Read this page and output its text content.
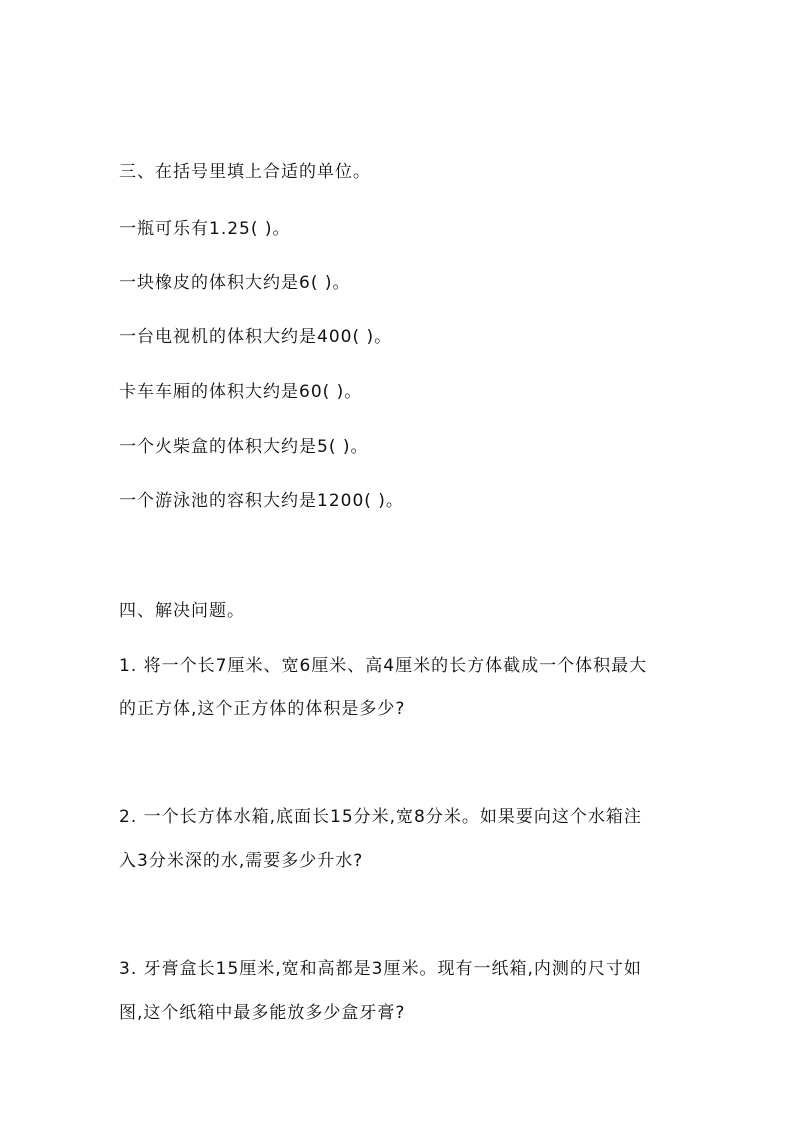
三、在括号里填上合适的单位。
一瓶可乐有1.25( )。
一块橡皮的体积大约是6( )。
一台电视机的体积大约是400( )。
卡车车厢的体积大约是60( )。
一个火柴盒的体积大约是5( )。
一个游泳池的容积大约是1200( )。
四、解决问题。
1. 将一个长7厘米、宽6厘米、高4厘米的长方体截成一个体积最大
的正方体,这个正方体的体积是多少?
2. 一个长方体水箱,底面长15分米,宽8分米。如果要向这个水箱注
入3分米深的水,需要多少升水?
3. 牙膏盒长15厘米,宽和高都是3厘米。现有一纸箱,内测的尺寸如
图,这个纸箱中最多能放多少盒牙膏?
